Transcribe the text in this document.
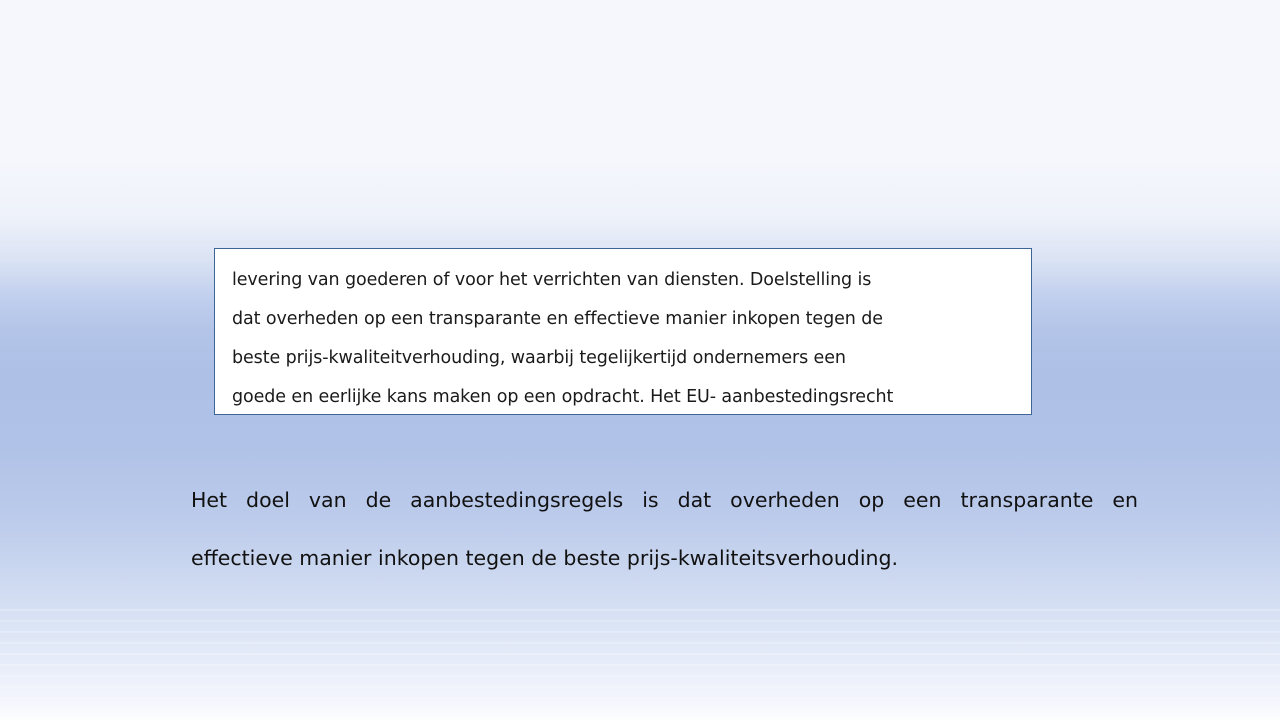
levering van goederen of voor het verrichten van diensten. Doelstelling is
dat overheden op een transparante en effectieve manier inkopen tegen de
beste prijs-kwaliteitverhouding, waarbij tegelijkertijd ondernemers een
goede en eerlijke kans maken op een opdracht. Het EU- aanbestedingsrecht
Het doel van de aanbestedingsregels is dat overheden op een transparante en
effectieve manier inkopen tegen de beste prijs-kwaliteitsverhouding.
